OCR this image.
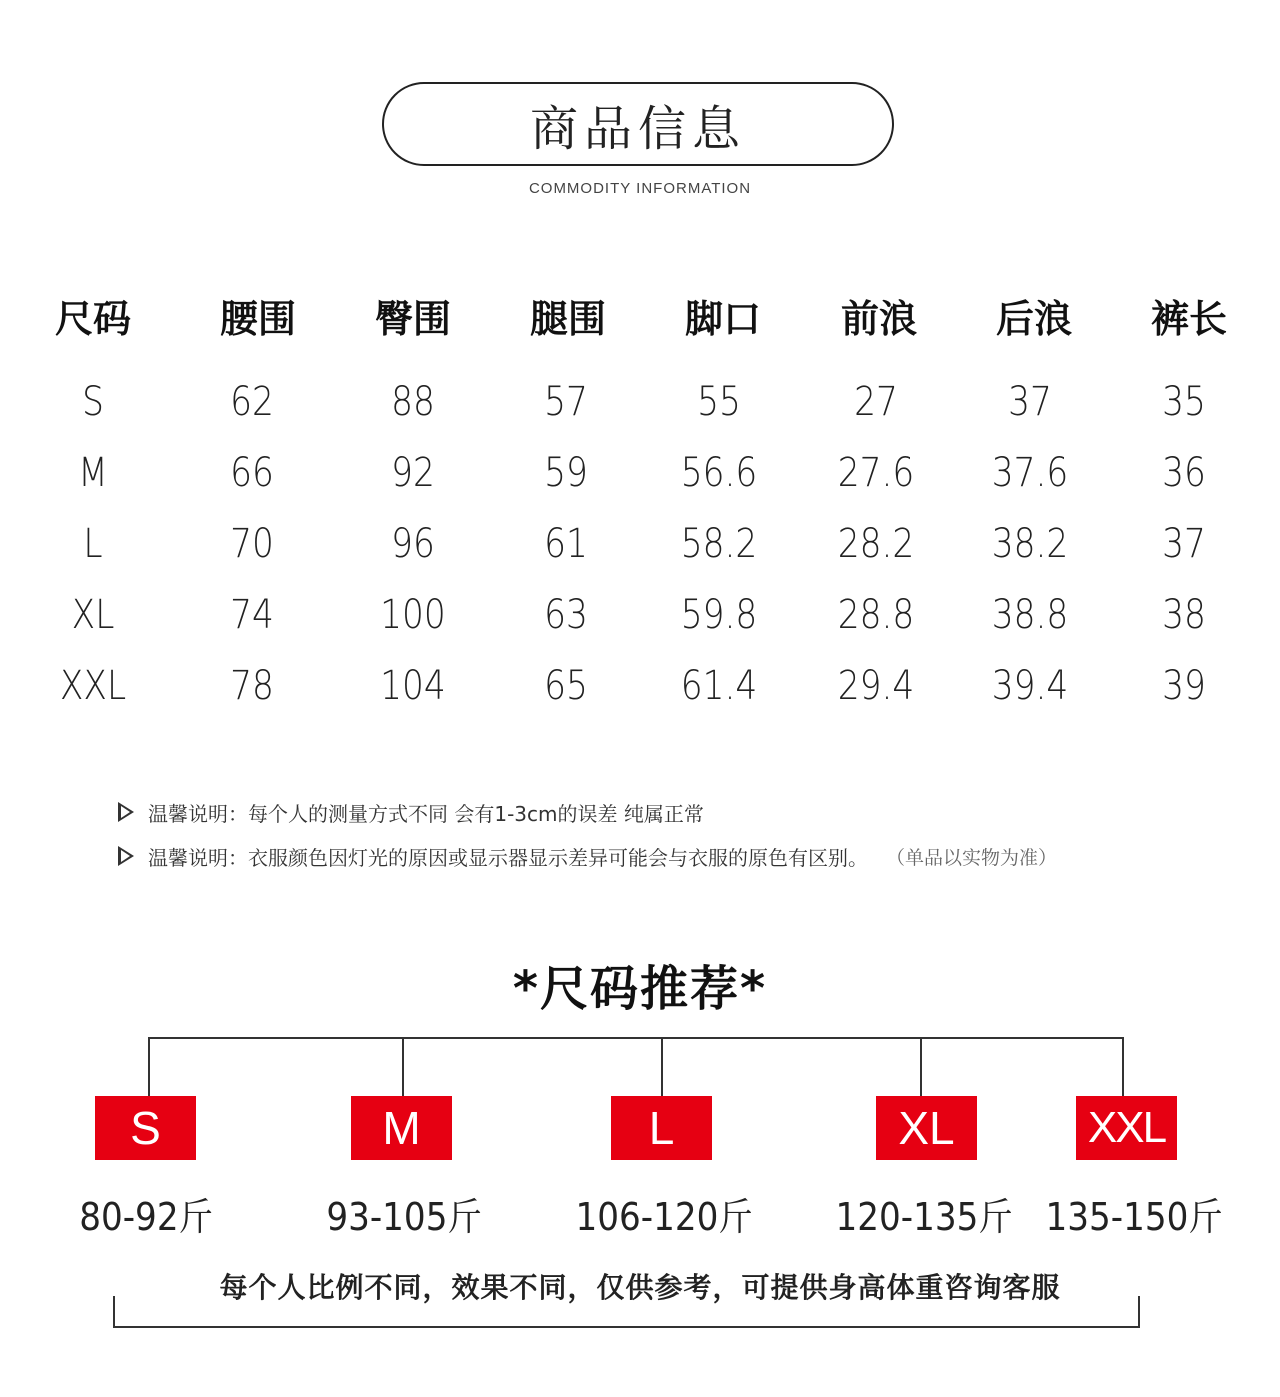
商品信息
COMMODITY INFORMATION
尺码	腰围	臀围	腿围	脚口	前浪	后浪	裤长
S	62	88	57	55	27	37	35
M	66	92	59	56.6	27.6	37.6	36
L	70	96	61	58.2	28.2	38.2	37
XL	74	100	63	59.8	28.8	38.8	38
XXL	78	104	65	61.4	29.4	39.4	39
温馨说明：每个人的测量方式不同 会有1-3cm的误差 纯属正常
温馨说明：衣服颜色因灯光的原因或显示器显示差异可能会与衣服的原色有区别。 （单品以实物为准）
*尺码推荐*
S	M	L	XL	XXL
80-92斤	93-105斤	106-120斤 120-135斤 135-150斤
每个人比例不同，效果不同，仅供参考，可提供身高体重咨询客服
